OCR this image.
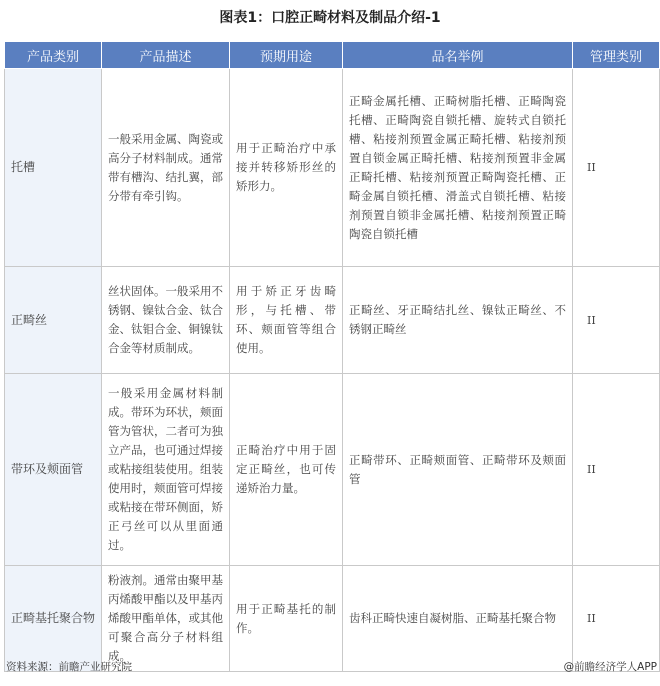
图表1：口腔正畸材料及制品介绍-1
产品类别	产品描述	预期用途	品名举例	管理类别
托槽	一般采用金属、陶瓷或高分子材料制成。通常带有槽沟、结扎翼，部分带有牵引钩。	用于正畸治疗中承接并转移矫形丝的矫形力。	正畸金属托槽、正畸树脂托槽、正畸陶瓷托槽、正畸陶瓷自锁托槽、旋转式自锁托槽、粘接剂预置金属正畸托槽、粘接剂预置自锁金属正畸托槽、粘接剂预置非金属正畸托槽、粘接剂预置正畸陶瓷托槽、正畸金属自锁托槽、滑盖式自锁托槽、粘接剂预置自锁非金属托槽、粘接剂预置正畸陶瓷自锁托槽	II
正畸丝	丝状固体。一般采用不锈钢、镍钛合金、钛合金、钛钼合金、铜镍钛合金等材质制成。	用于矫正牙齿畸形，与托槽、带环、颊面管等组合使用。	正畸丝、牙正畸结扎丝、镍钛正畸丝、不锈钢正畸丝	II
带环及颊面管	一般采用金属材料制成。带环为环状，颊面管为管状，二者可为独立产品，也可通过焊接或粘接组装使用。组装使用时，颊面管可焊接或粘接在带环侧面，矫正弓丝可以从里面通过。	正畸治疗中用于固定正畸丝，也可传递矫治力量。	正畸带环、正畸颊面管、正畸带环及颊面管	II
正畸基托聚合物	粉液剂。通常由聚甲基丙烯酸甲酯以及甲基丙烯酸甲酯单体，或其他可聚合高分子材料组成。	用于正畸基托的制作。	齿科正畸快速自凝树脂、正畸基托聚合物	II
资料来源：前瞻产业研究院	@前瞻经济学人APP
